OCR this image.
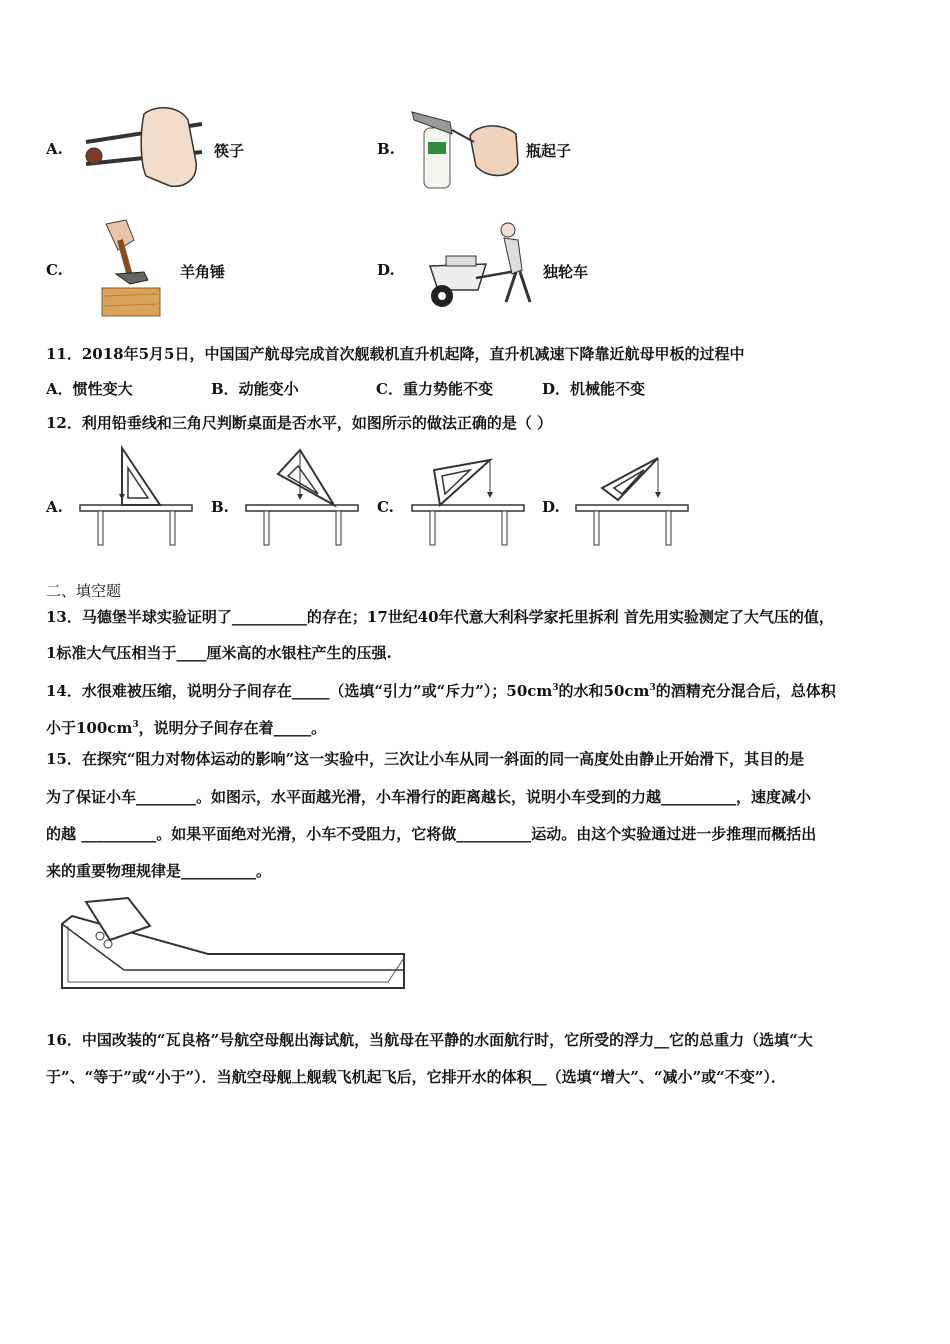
A.	筷子	B.	瓶起子
C.	羊角锤	D.	独轮车
11．2018年5月5日，中国国产航母完成首次舰载机直升机起降，直升机减速下降靠近航母甲板的过程中
A．惯性变大	B．动能变小	C．重力势能不变	D．机械能不变
12．利用铅垂线和三角尺判断桌面是否水平，如图所示的做法正确的是（ ）
A.	B.	C.	D.
二、填空题
13．马德堡半球实验证明了__________的存在；17世纪40年代意大利科学家托里拆利 首先用实验测定了大气压的值，
1标准大气压相当于____厘米高的水银柱产生的压强.
14．水很难被压缩，说明分子间存在_____（选填“引力”或“斥力”）；$50cm^3$的水和$50cm^3$的酒精充分混合后，总体积
小于$100cm^3$，说明分子间存在着_____。
15．在探究“阻力对物体运动的影响”这一实验中，三次让小车从同一斜面的同一高度处由静止开始滑下，其目的是
为了保证小车________。如图示，水平面越光滑，小车滑行的距离越长，说明小车受到的力越__________，速度减小
的越 __________。如果平面绝对光滑，小车不受阻力，它将做__________运动。由这个实验通过进一步推理而概括出
来的重要物理规律是__________。
16．中国改装的“瓦良格”号航空母舰出海试航，当航母在平静的水面航行时，它所受的浮力__它的总重力（选填“大
于”、“等于”或“小于”）．当航空母舰上舰载飞机起飞后，它排开水的体积__（选填“增大”、“减小”或“不变”）．
